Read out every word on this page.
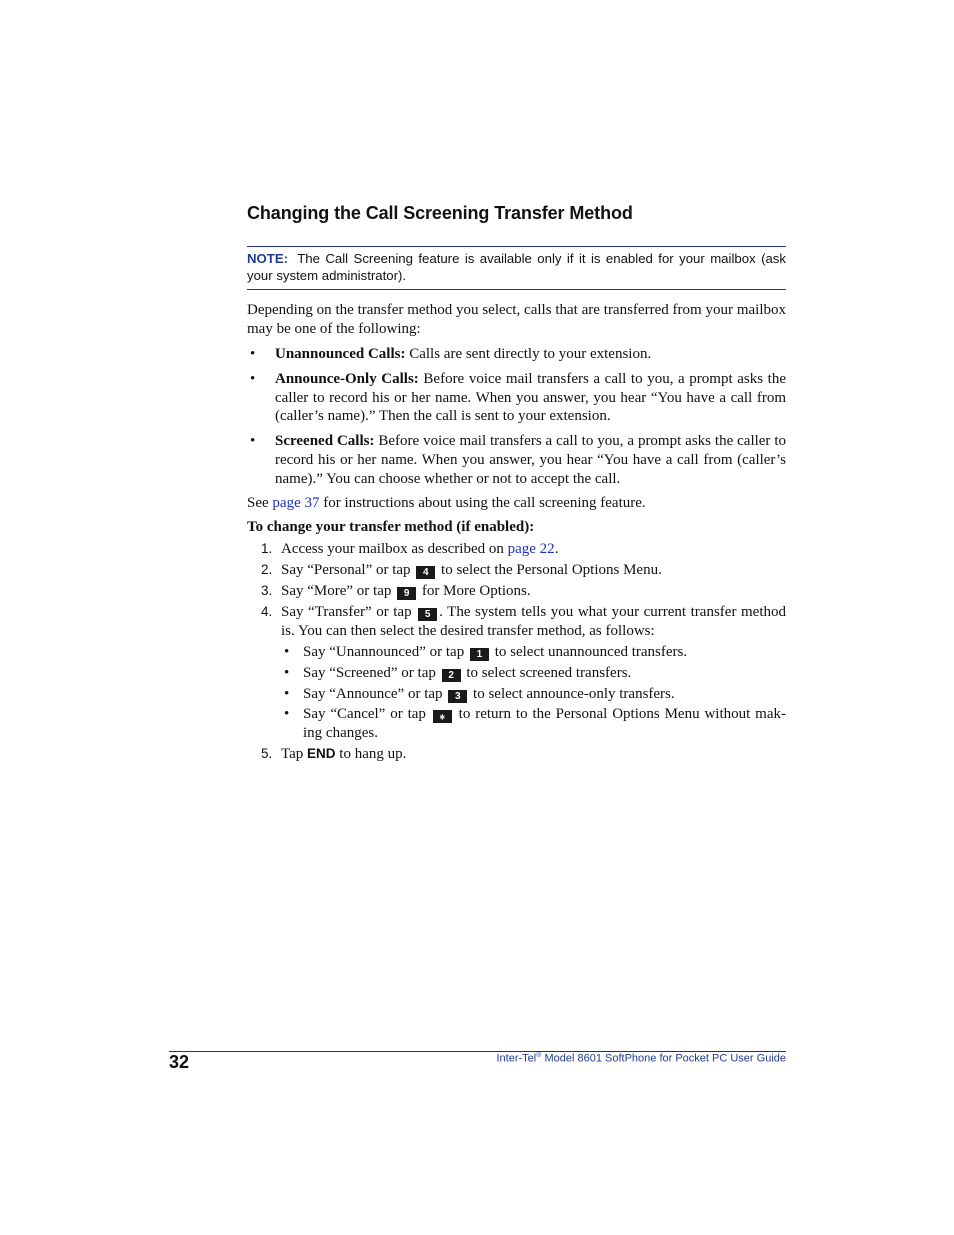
Changing the Call Screening Transfer Method
NOTE: The Call Screening feature is available only if it is enabled for your mailbox (ask your system administrator).

Depending on the transfer method you select, calls that are transferred from your mailbox may be one of the following:

• Unannounced Calls: Calls are sent directly to your extension.
• Announce-Only Calls: Before voice mail transfers a call to you, a prompt asks the caller to record his or her name. When you answer, you hear “You have a call from (caller’s name).” Then the call is sent to your extension.
• Screened Calls: Before voice mail transfers a call to you, a prompt asks the caller to record his or her name. When you answer, you hear “You have a call from (caller’s name).” You can choose whether or not to accept the call.

See page 37 for instructions about using the call screening feature.

To change your transfer method (if enabled):

1. Access your mailbox as described on page 22.
2. Say “Personal” or tap 4 to select the Personal Options Menu.
3. Say “More” or tap 9 for More Options.
4. Say “Transfer” or tap 5 . The system tells you what your current transfer method is. You can then select the desired transfer method, as follows:
• Say “Unannounced” or tap 1 to select unannounced transfers.
• Say “Screened” or tap 2 to select screened transfers.
• Say “Announce” or tap 3 to select announce-only transfers.
• Say “Cancel” or tap ⁎ to return to the Personal Options Menu without mak-ing changes.
5. Tap END to hang up.
32	Inter-Tel® Model 8601 SoftPhone for Pocket PC User Guide
